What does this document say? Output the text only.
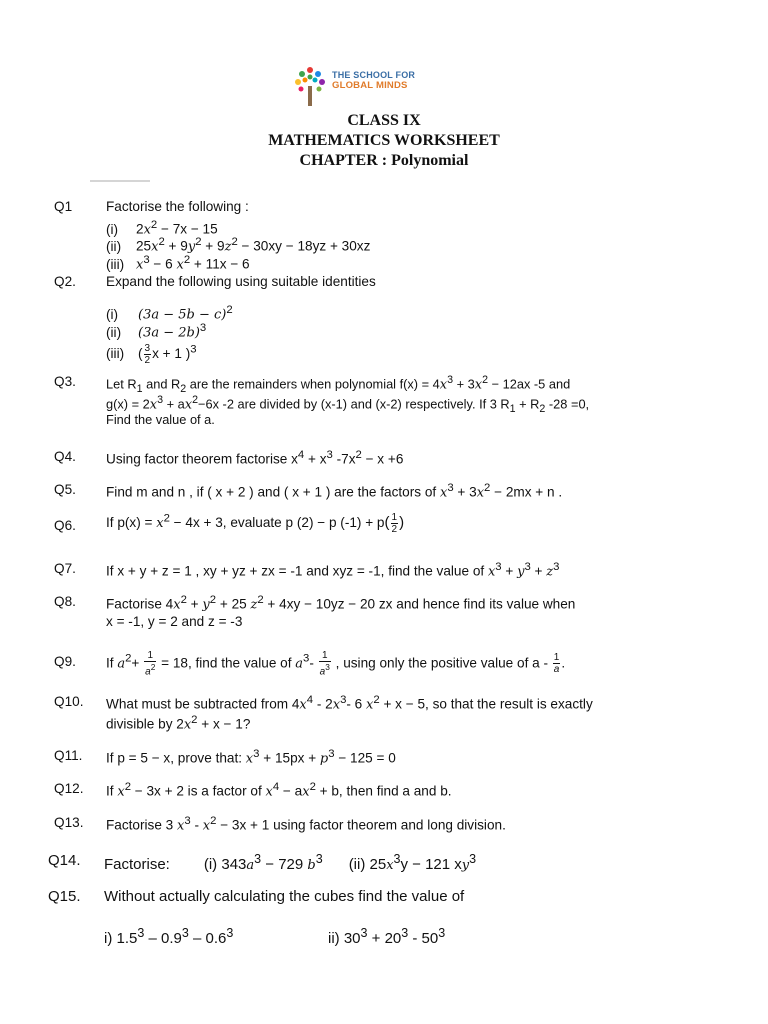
THE SCHOOL FOR
GLOBAL MINDS
CLASS IX
MATHEMATICS WORKSHEET
CHAPTER : Polynomial
Q1 Factorise the following :
(i) $2x^2 - 7x - 15$
(ii) $25x^2 + 9y^2 + 9z^2 - 30xy - 18yz + 30xz$
(iii) $x^3 - 6$ $x^2 + 11x - 6$
Q2. Expand the following using suitable identities
(i) $(3a - 5b - c)^2$
(ii) $(3a - 2b)^3$
(iii) ( $\frac{3}{2}$ x + 1 )$^3$
Q3. Let $R_1$ and $R_2$ are the remainders when polynomial $f(x) = 4x^3 + 3x^2 - 12ax$ -5 and
$g(x) = 2x^3 + ax^2-6x$ -2 are divided by (x-1) and (x-2) respectively. If 3 $R_1 + R_2$ -28 =0,
Find the value of a.
Q4. Using factor theorem factorise $x^4 + x^3$ $-7x^2 - x +6$
Q5. Find m and n , if ( x + 2 ) and ( x + 1 ) are the factors of $x^3 + 3x^2 - 2mx + n$ .
Q6. If $p(x) = x^2 - 4x + 3$, evaluate p (2) − p $(-1) + p( \frac{1}{2}$ )
Q7. If x + y + z = 1 , xy + yz + zx = -1 and xyz = -1, find the value of $x^3 + y^3 + z^3$
Q8. Factorise $4x^2 + y^2 + 25$ $z^2 + 4xy - 10yz - 20$ zx and hence find its value when
x = -1, y = 2 and z = -3
Q9. If $a^2+ \frac{1}{a^2} = 18$, find the value of $a^3- \frac{1}{a^3}$ , using only the positive value of a - $\frac{1}{a}$ .
Q10. What must be subtracted from $4x^4 - 2x^3-$ 6 $x^2 + x - 5$, so that the result is exactly
divisible by $2x^2 + x - 1$?
Q11. If p = 5 − x, prove that: $x^3 + 15px + p^3 - 125 = 0$
Q12. If $x^2 - 3x + 2$ is a factor of $x^4 - ax^2 + b$, then find a and b.
Q13. Factorise 3 $x^3 - x^2 - 3x + 1$ using factor theorem and long division.
Q14. Factorise: (i) $343a^3 - 729$ $b^3$ (ii) $25x^3y - 121$ $xy^3$
Q15. Without actually calculating the cubes find the value of
i) $1.5^3 - 0.9^3 - 0.6^3$	ii) $30^3 + 20^3 - 50^3$
